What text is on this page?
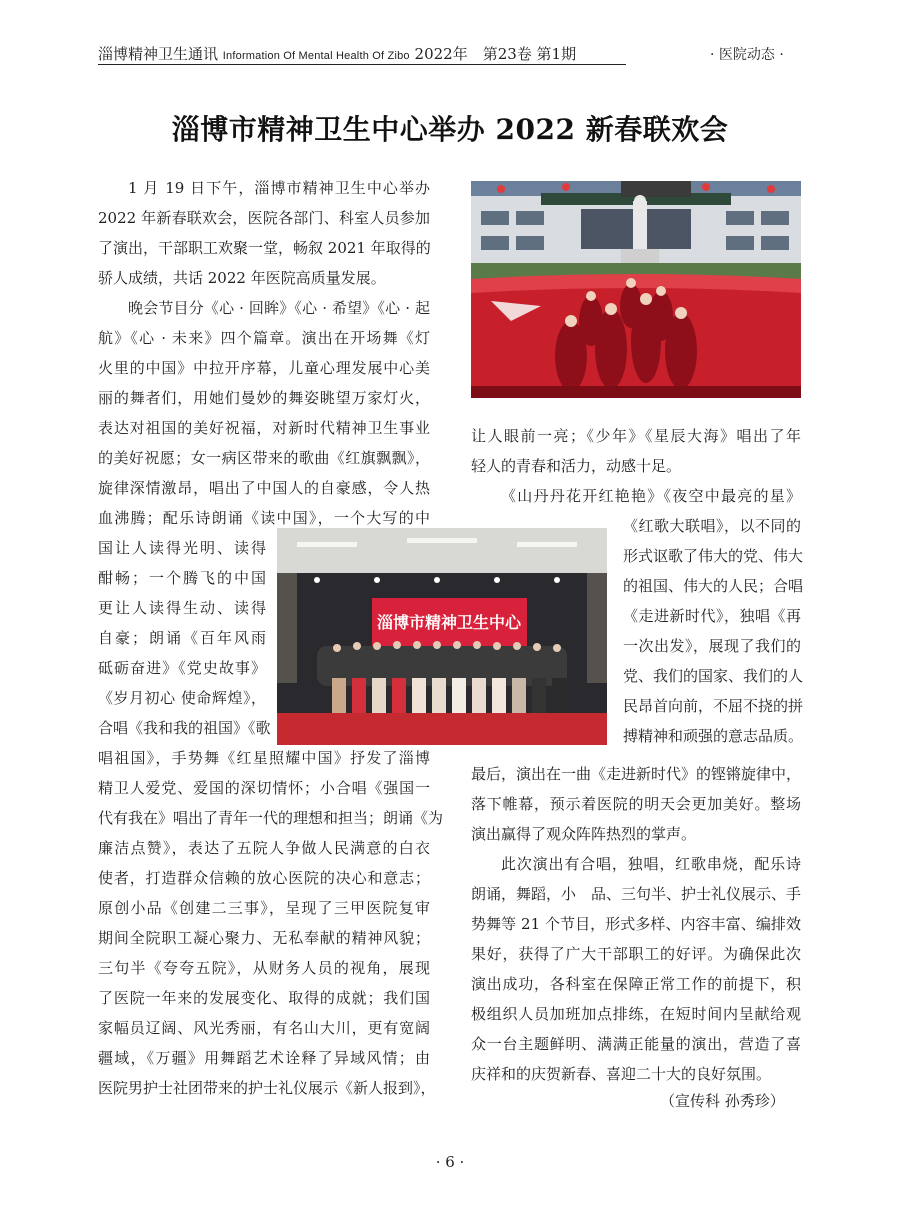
淄博精神卫生通讯 Information Of Mental Health Of Zibo 2022年　第23卷 第1期	· 医院动态 ·
淄博市精神卫生中心举办 2022 新春联欢会
1 月 19 日下午，淄博市精神卫生中心举办
2022 年新春联欢会，医院各部门、科室人员参加
了演出，干部职工欢聚一堂，畅叙 2021 年取得的
骄人成绩，共话 2022 年医院高质量发展。
晚会节目分《心 · 回眸》《心 · 希望》《心 · 起
航》《心 · 未来》四个篇章。演出在开场舞《灯
火里的中国》中拉开序幕，儿童心理发展中心美
丽的舞者们，用她们曼妙的舞姿眺望万家灯火，
表达对祖国的美好祝福，对新时代精神卫生事业
的美好祝愿；女一病区带来的歌曲《红旗飘飘》，
旋律深情激昂，唱出了中国人的自豪感，令人热
血沸腾；配乐诗朗诵《读中国》，一个大写的中
国让人读得光明、读得
酣畅；一个腾飞的中国
更让人读得生动、读得
自豪；朗诵《百年风雨
砥砺奋进》《党史故事》
《岁月初心 使命辉煌》，
合唱《我和我的祖国》《歌
唱祖国》，手势舞《红星照耀中国》抒发了淄博
精卫人爱党、爱国的深切情怀；小合唱《强国一
代有我在》唱出了青年一代的理想和担当；朗诵《为
廉洁点赞》，表达了五院人争做人民满意的白衣
使者，打造群众信赖的放心医院的决心和意志；
原创小品《创建二三事》，呈现了三甲医院复审
期间全院职工凝心聚力、无私奉献的精神风貌；
三句半《夸夸五院》，从财务人员的视角，展现
了医院一年来的发展变化、取得的成就；我们国
家幅员辽阔、风光秀丽，有名山大川，更有宽阔
疆域，《万疆》用舞蹈艺术诠释了异域风情；由
医院男护士社团带来的护士礼仪展示《新人报到》，
让人眼前一亮；《少年》《星辰大海》唱出了年
轻人的青春和活力，动感十足。
《山丹丹花开红艳艳》《夜空中最亮的星》
《红歌大联唱》，以不同的
形式讴歌了伟大的党、伟大
的祖国、伟大的人民；合唱
《走进新时代》，独唱《再
一次出发》，展现了我们的
党、我们的国家、我们的人
民昂首向前，不屈不挠的拼
搏精神和顽强的意志品质。
最后，演出在一曲《走进新时代》的铿锵旋律中，
落下帷幕，预示着医院的明天会更加美好。整场
演出赢得了观众阵阵热烈的掌声。
此次演出有合唱，独唱，红歌串烧，配乐诗
朗诵，舞蹈，小　品、三句半、护士礼仪展示、手
势舞等 21 个节目，形式多样、内容丰富、编排效
果好，获得了广大干部职工的好评。为确保此次
演出成功，各科室在保障正常工作的前提下，积
极组织人员加班加点排练，在短时间内呈献给观
众一台主题鲜明、满满正能量的演出，营造了喜
庆祥和的庆贺新春、喜迎二十大的良好氛围。
（宣传科 孙秀珍）
淄博市精神卫生中心
· 6 ·
